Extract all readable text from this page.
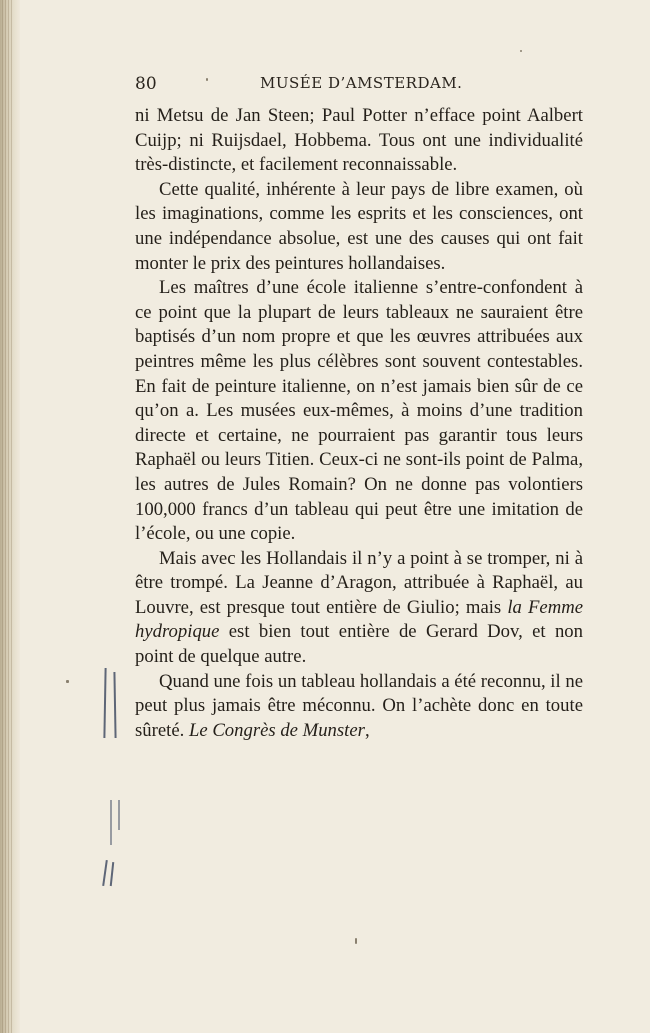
80	MUSÉE D’AMSTERDAM.

ni Metsu de Jan Steen; Paul Potter n’efface point Aalbert Cuijp; ni Ruijsdael, Hobbema. Tous ont une individualité très-distincte, et facilement reconnaissable.

Cette qualité, inhérente à leur pays de libre examen, où les imaginations, comme les esprits et les consciences, ont une indépendance absolue, est une des causes qui ont fait monter le prix des peintures hollandaises.

Les maîtres d’une école italienne s’entre-confondent à ce point que la plupart de leurs tableaux ne sauraient être baptisés d’un nom propre et que les œuvres attribuées aux peintres même les plus célèbres sont souvent contestables. En fait de peinture italienne, on n’est jamais bien sûr de ce qu’on a. Les musées eux-mêmes, à moins d’une tradition directe et certaine, ne pourraient pas garantir tous leurs Raphaël ou leurs Titien. Ceux-ci ne sont-ils point de Palma, les autres de Jules Romain? On ne donne pas volontiers 100,000 francs d’un tableau qui peut être une imitation de l’école, ou une copie.

Mais avec les Hollandais il n’y a point à se tromper, ni à être trompé. La Jeanne d’Aragon, attribuée à Raphaël, au Louvre, est presque tout entière de Giulio; mais la Femme hydropique est bien tout entière de Gerard Dov, et non point de quelque autre.

Quand une fois un tableau hollandais a été reconnu, il ne peut plus jamais être méconnu. On l’achète donc en toute sûreté. Le Congrès de Munster,
